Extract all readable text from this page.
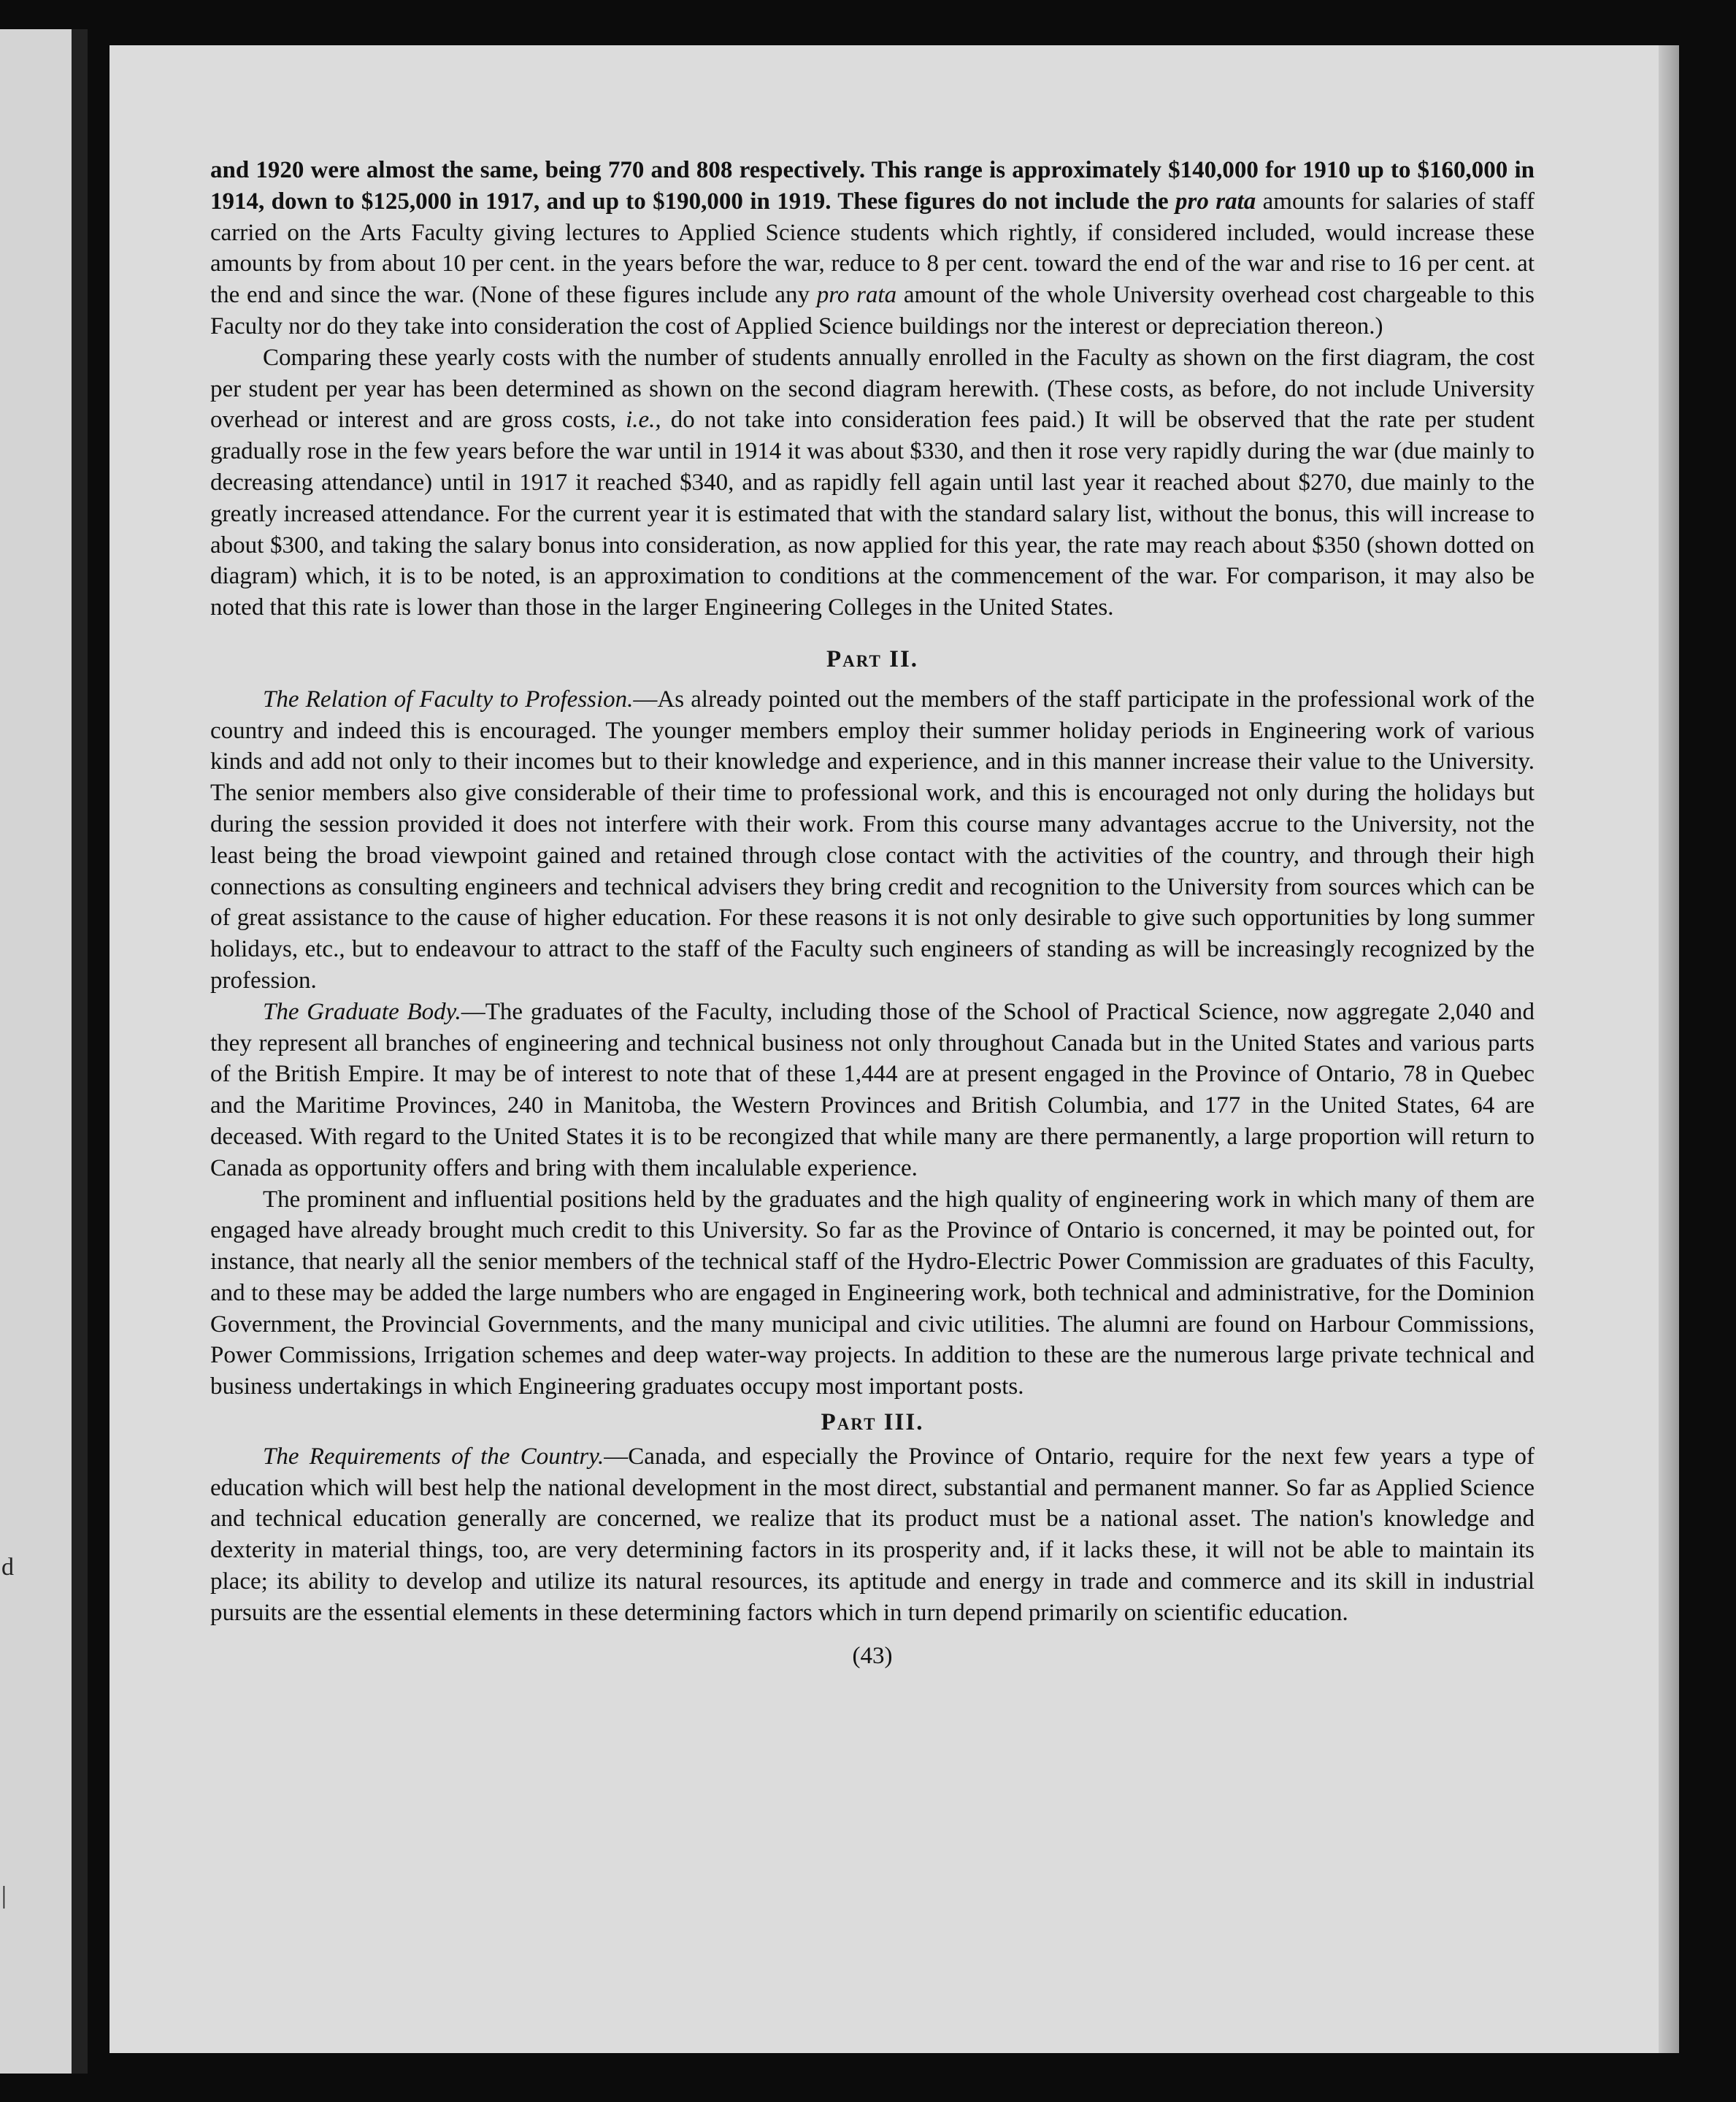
d
|

and 1920 were almost the same, being 770 and 808 respectively. This range is approximately $140,000 for 1910 up to $160,000 in 1914, down to $125,000 in 1917, and up to $190,000 in 1919. These figures do not include the pro rata amounts for salaries of staff carried on the Arts Faculty giving lectures to Applied Science students which rightly, if considered included, would increase these amounts by from about 10 per cent. in the years before the war, reduce to 8 per cent. toward the end of the war and rise to 16 per cent. at the end and since the war. (None of these figures include any pro rata amount of the whole University overhead cost chargeable to this Faculty nor do they take into consideration the cost of Applied Science buildings nor the interest or depreciation thereon.)

Comparing these yearly costs with the number of students annually enrolled in the Faculty as shown on the first diagram, the cost per student per year has been determined as shown on the second diagram herewith. (These costs, as before, do not include University overhead or interest and are gross costs, i.e., do not take into consideration fees paid.) It will be observed that the rate per student gradually rose in the few years before the war until in 1914 it was about $330, and then it rose very rapidly during the war (due mainly to decreasing attendance) until in 1917 it reached $340, and as rapidly fell again until last year it reached about $270, due mainly to the greatly increased attendance. For the current year it is estimated that with the standard salary list, without the bonus, this will increase to about $300, and taking the salary bonus into consideration, as now applied for this year, the rate may reach about $350 (shown dotted on diagram) which, it is to be noted, is an approximation to conditions at the commencement of the war. For comparison, it may also be noted that this rate is lower than those in the larger Engineering Colleges in the United States.

Part II.

The Relation of Faculty to Profession.—As already pointed out the members of the staff participate in the professional work of the country and indeed this is encouraged. The younger members employ their summer holiday periods in Engineering work of various kinds and add not only to their incomes but to their knowledge and experience, and in this manner increase their value to the University. The senior members also give considerable of their time to professional work, and this is encouraged not only during the holidays but during the session provided it does not interfere with their work. From this course many advantages accrue to the University, not the least being the broad viewpoint gained and retained through close contact with the activities of the country, and through their high connections as consulting engineers and technical advisers they bring credit and recognition to the University from sources which can be of great assistance to the cause of higher education. For these reasons it is not only desirable to give such opportunities by long summer holidays, etc., but to endeavour to attract to the staff of the Faculty such engineers of standing as will be increasingly recognized by the profession.

The Graduate Body.—The graduates of the Faculty, including those of the School of Practical Science, now aggregate 2,040 and they represent all branches of engineering and technical business not only throughout Canada but in the United States and various parts of the British Empire. It may be of interest to note that of these 1,444 are at present engaged in the Province of Ontario, 78 in Quebec and the Maritime Provinces, 240 in Manitoba, the Western Provinces and British Columbia, and 177 in the United States, 64 are deceased. With regard to the United States it is to be recongized that while many are there permanently, a large proportion will return to Canada as opportunity offers and bring with them incalulable experience.

The prominent and influential positions held by the graduates and the high quality of engineering work in which many of them are engaged have already brought much credit to this University. So far as the Province of Ontario is concerned, it may be pointed out, for instance, that nearly all the senior members of the technical staff of the Hydro-Electric Power Commission are graduates of this Faculty, and to these may be added the large numbers who are engaged in Engineering work, both technical and administrative, for the Dominion Government, the Provincial Governments, and the many municipal and civic utilities. The alumni are found on Harbour Commissions, Power Commissions, Irrigation schemes and deep water-way projects. In addition to these are the numerous large private technical and business undertakings in which Engineering graduates occupy most important posts.

Part III.

The Requirements of the Country.—Canada, and especially the Province of Ontario, require for the next few years a type of education which will best help the national development in the most direct, substantial and permanent manner. So far as Applied Science and technical education generally are concerned, we realize that its product must be a national asset. The nation's knowledge and dexterity in material things, too, are very determining factors in its prosperity and, if it lacks these, it will not be able to maintain its place; its ability to develop and utilize its natural resources, its aptitude and energy in trade and commerce and its skill in industrial pursuits are the essential elements in these determining factors which in turn depend primarily on scientific education.

(43)
